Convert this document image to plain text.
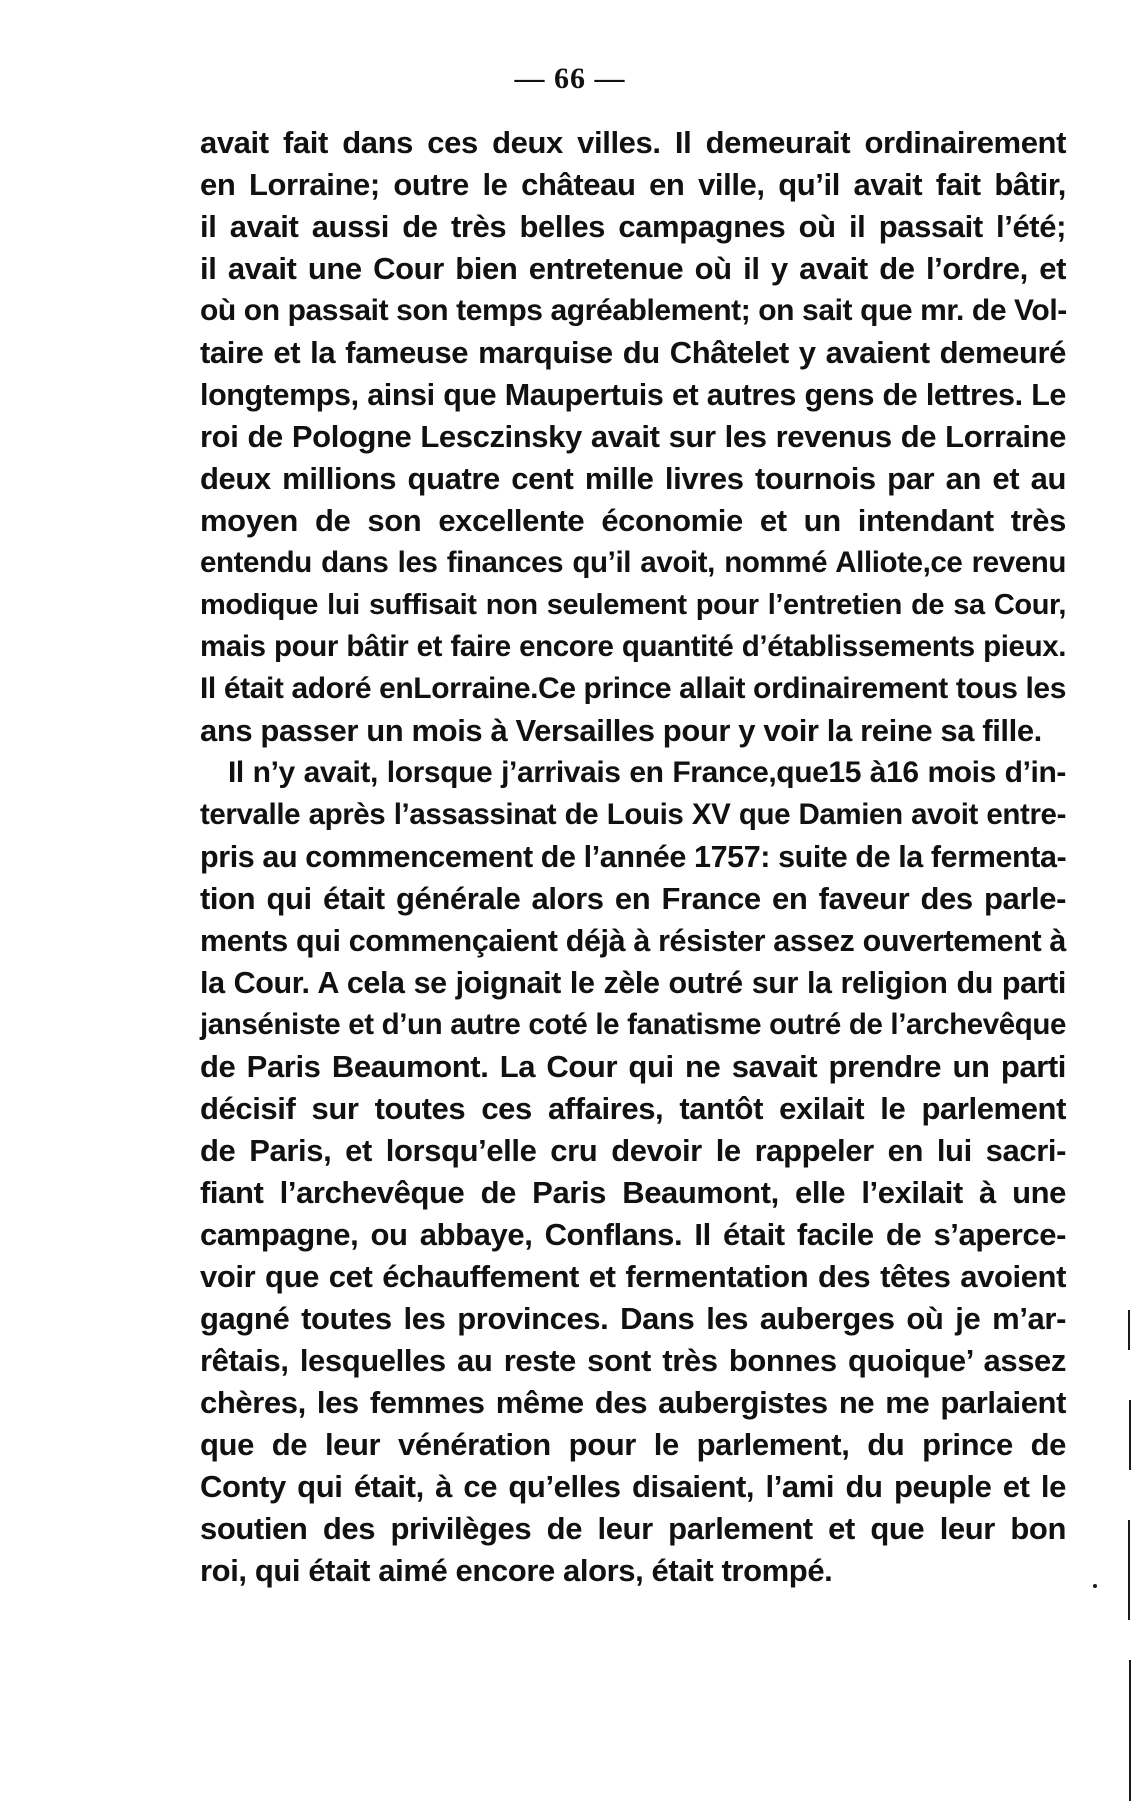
— 66 —
avait fait dans ces deux villes. Il demeurait ordinairement
en Lorraine; outre le château en ville, qu’il avait fait bâtir,
il avait aussi de très belles campagnes où il passait l’été;
il avait une Cour bien entretenue où il y avait de l’ordre, et
où on passait son temps agréablement; on sait que mr. de Vol-
taire et la fameuse marquise du Châtelet y avaient demeuré
longtemps, ainsi que Maupertuis et autres gens de lettres. Le
roi de Pologne Lesczinsky avait sur les revenus de Lorraine
deux millions quatre cent mille livres tournois par an et au
moyen de son excellente économie et un intendant très
entendu dans les finances qu’il avoit, nommé Alliote,ce revenu
modique lui suffisait non seulement pour l’entretien de sa Cour,
mais pour bâtir et faire encore quantité d’établissements pieux.
Il était adoré enLorraine.Ce prince allait ordinairement tous les
ans passer un mois à Versailles pour y voir la reine sa fille.
Il n’y avait, lorsque j’arrivais en France,que15 à16 mois d’in-
tervalle après l’assassinat de Louis XV que Damien avoit entre-
pris au commencement de l’année 1757: suite de la fermenta-
tion qui était générale alors en France en faveur des parle-
ments qui commençaient déjà à résister assez ouvertement à
la Cour. A cela se joignait le zèle outré sur la religion du parti
janséniste et d’un autre coté le fanatisme outré de l’archevêque
de Paris Beaumont. La Cour qui ne savait prendre un parti
décisif sur toutes ces affaires, tantôt exilait le parlement
de Paris, et lorsqu’elle cru devoir le rappeler en lui sacri-
fiant l’archevêque de Paris Beaumont, elle l’exilait à une
campagne, ou abbaye, Conflans. Il était facile de s’aperce-
voir que cet échauffement et fermentation des têtes avoient
gagné toutes les provinces. Dans les auberges où je m’ar-
rêtais, lesquelles au reste sont très bonnes quoique’ assez
chères, les femmes même des aubergistes ne me parlaient
que de leur vénération pour le parlement, du prince de
Conty qui était, à ce qu’elles disaient, l’ami du peuple et le
soutien des privilèges de leur parlement et que leur bon
roi, qui était aimé encore alors, était trompé.
